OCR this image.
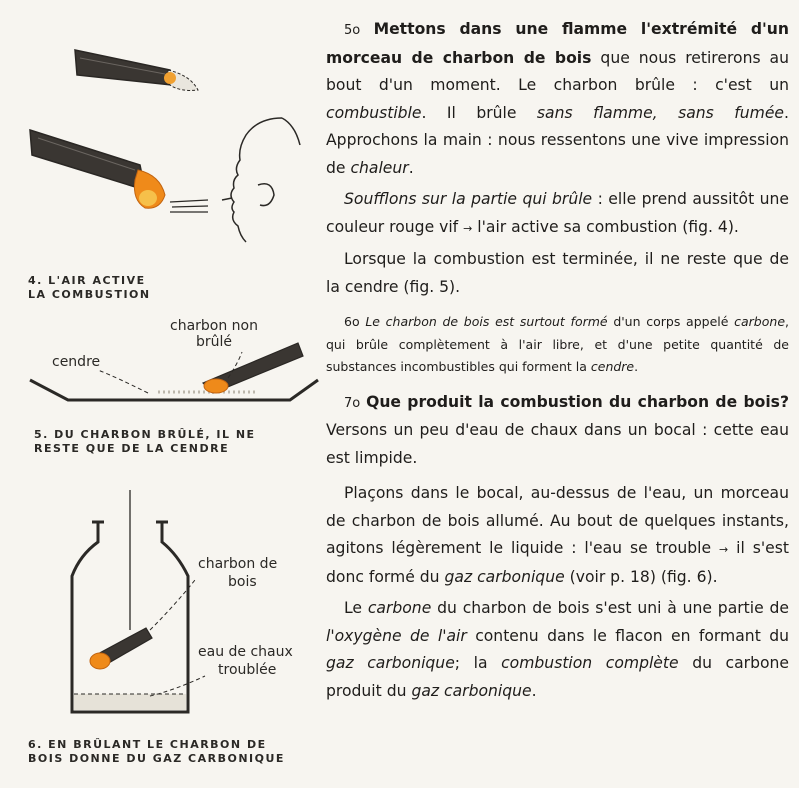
4. L'AIR ACTIVE
LA COMBUSTION
charbon non
brûlé
cendre
5. DU CHARBON BRÛLÉ, IL NE
RESTE QUE DE LA CENDRE
charbon de
bois
eau de chaux
troublée
6. EN BRÛLANT LE CHARBON DE
BOIS DONNE DU GAZ CARBONIQUE

5o Mettons dans une flamme l'extrémité d'un morceau de charbon de bois que nous retirerons au bout d'un moment. Le charbon brûle : c'est un combustible. Il brûle sans flamme, sans fumée. Approchons la main : nous ressentons une vive impression de chaleur.

Soufflons sur la partie qui brûle : elle prend aussitôt une couleur rouge vif → l'air active sa combustion (fig. 4).

Lorsque la combustion est terminée, il ne reste que de la cendre (fig. 5).

6o Le charbon de bois est surtout formé d'un corps appelé carbone, qui brûle complètement à l'air libre, et d'une petite quantité de substances incombustibles qui forment la cendre.

7o Que produit la combustion du charbon de bois? Versons un peu d'eau de chaux dans un bocal : cette eau est limpide.

Plaçons dans le bocal, au-dessus de l'eau, un morceau de charbon de bois allumé. Au bout de quelques instants, agitons légèrement le liquide : l'eau se trouble → il s'est donc formé du gaz carbonique (voir p. 18) (fig. 6).

Le carbone du charbon de bois s'est uni à une partie de l'oxygène de l'air contenu dans le flacon en formant du gaz carbonique; la combustion complète du carbone produit du gaz carbonique.
